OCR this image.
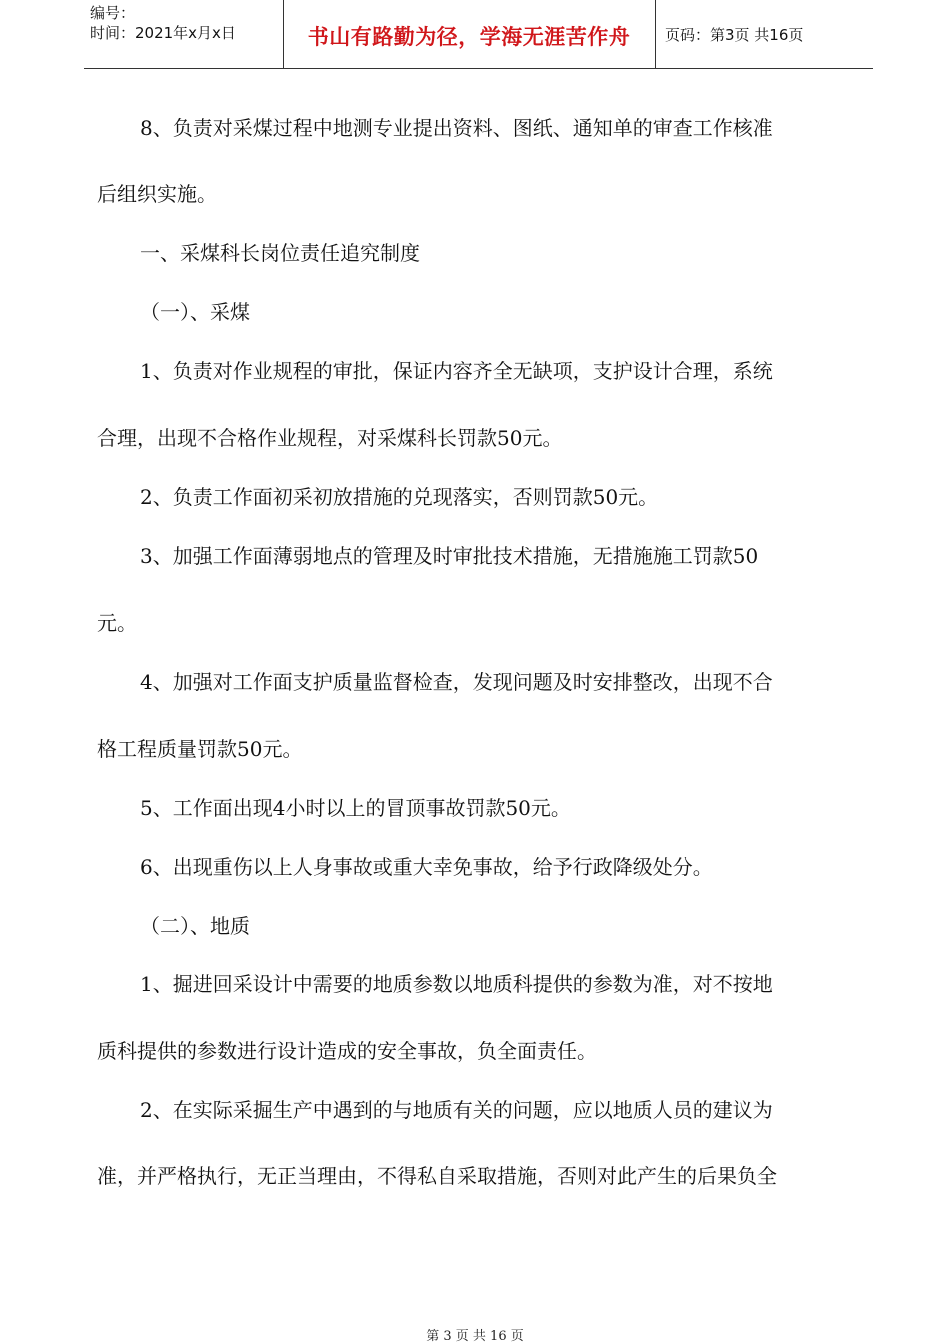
编号：
时间：2021年x月x日	书山有路勤为径，学海无涯苦作舟	页码：第3页 共16页
8、负责对采煤过程中地测专业提出资料、图纸、通知单的审查工作核准
后组织实施。
一、采煤科长岗位责任追究制度
（一）、采煤
1、负责对作业规程的审批，保证内容齐全无缺项，支护设计合理，系统
合理，出现不合格作业规程，对采煤科长罚款50元。
2、负责工作面初采初放措施的兑现落实，否则罚款50元。
3、加强工作面薄弱地点的管理及时审批技术措施，无措施施工罚款50
元。
4、加强对工作面支护质量监督检查，发现问题及时安排整改，出现不合
格工程质量罚款50元。
5、工作面出现4小时以上的冒顶事故罚款50元。
6、出现重伤以上人身事故或重大幸免事故，给予行政降级处分。
（二）、地质
1、掘进回采设计中需要的地质参数以地质科提供的参数为准，对不按地
质科提供的参数进行设计造成的安全事故，负全面责任。
2、在实际采掘生产中遇到的与地质有关的问题，应以地质人员的建议为
准，并严格执行，无正当理由，不得私自采取措施，否则对此产生的后果负全
第 3 页 共 16 页
